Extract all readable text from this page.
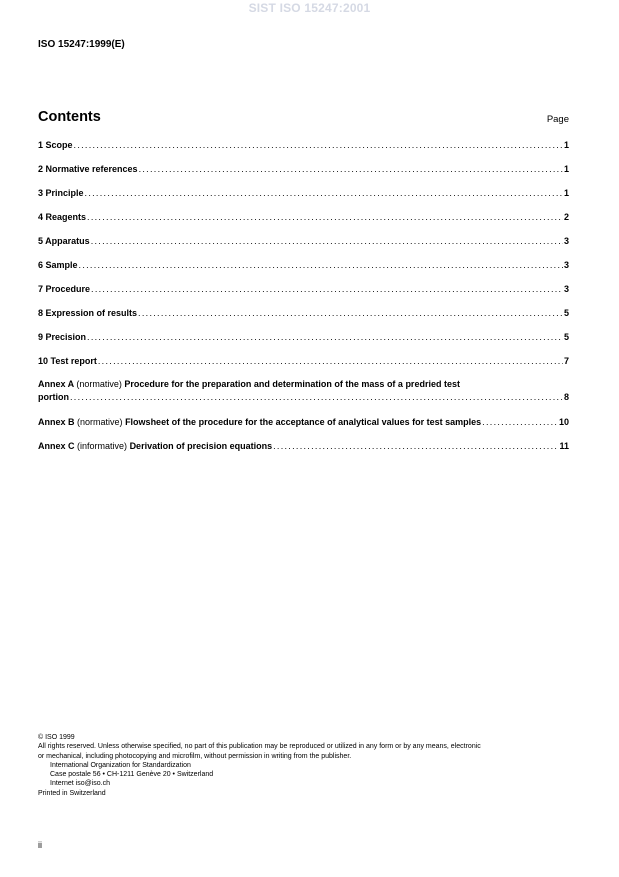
SIST ISO 15247:2001
ISO 15247:1999(E)
Contents	Page
1 Scope . . .	1
2 Normative references . . .	1
3 Principle . . .	1
4 Reagents . . .	2
5 Apparatus . . .	3
6 Sample . . .	3
7 Procedure . . .	3
8 Expression of results . . .	5
9 Precision . . .	5
10 Test report . . .	7
Annex A (normative) Procedure for the preparation and determination of the mass of a predried test
portion . . .	8
Annex B (normative) Flowsheet of the procedure for the acceptance of analytical values for test samples . . .	10
Annex C (informative) Derivation of precision equations . . .	11
© ISO 1999
All rights reserved. Unless otherwise specified, no part of this publication may be reproduced or utilized in any form or by any means, electronic
or mechanical, including photocopying and microfilm, without permission in writing from the publisher.
International Organization for Standardization
Case postale 56 • CH-1211 Genève 20 • Switzerland
Internet iso@iso.ch
Printed in Switzerland
ii
